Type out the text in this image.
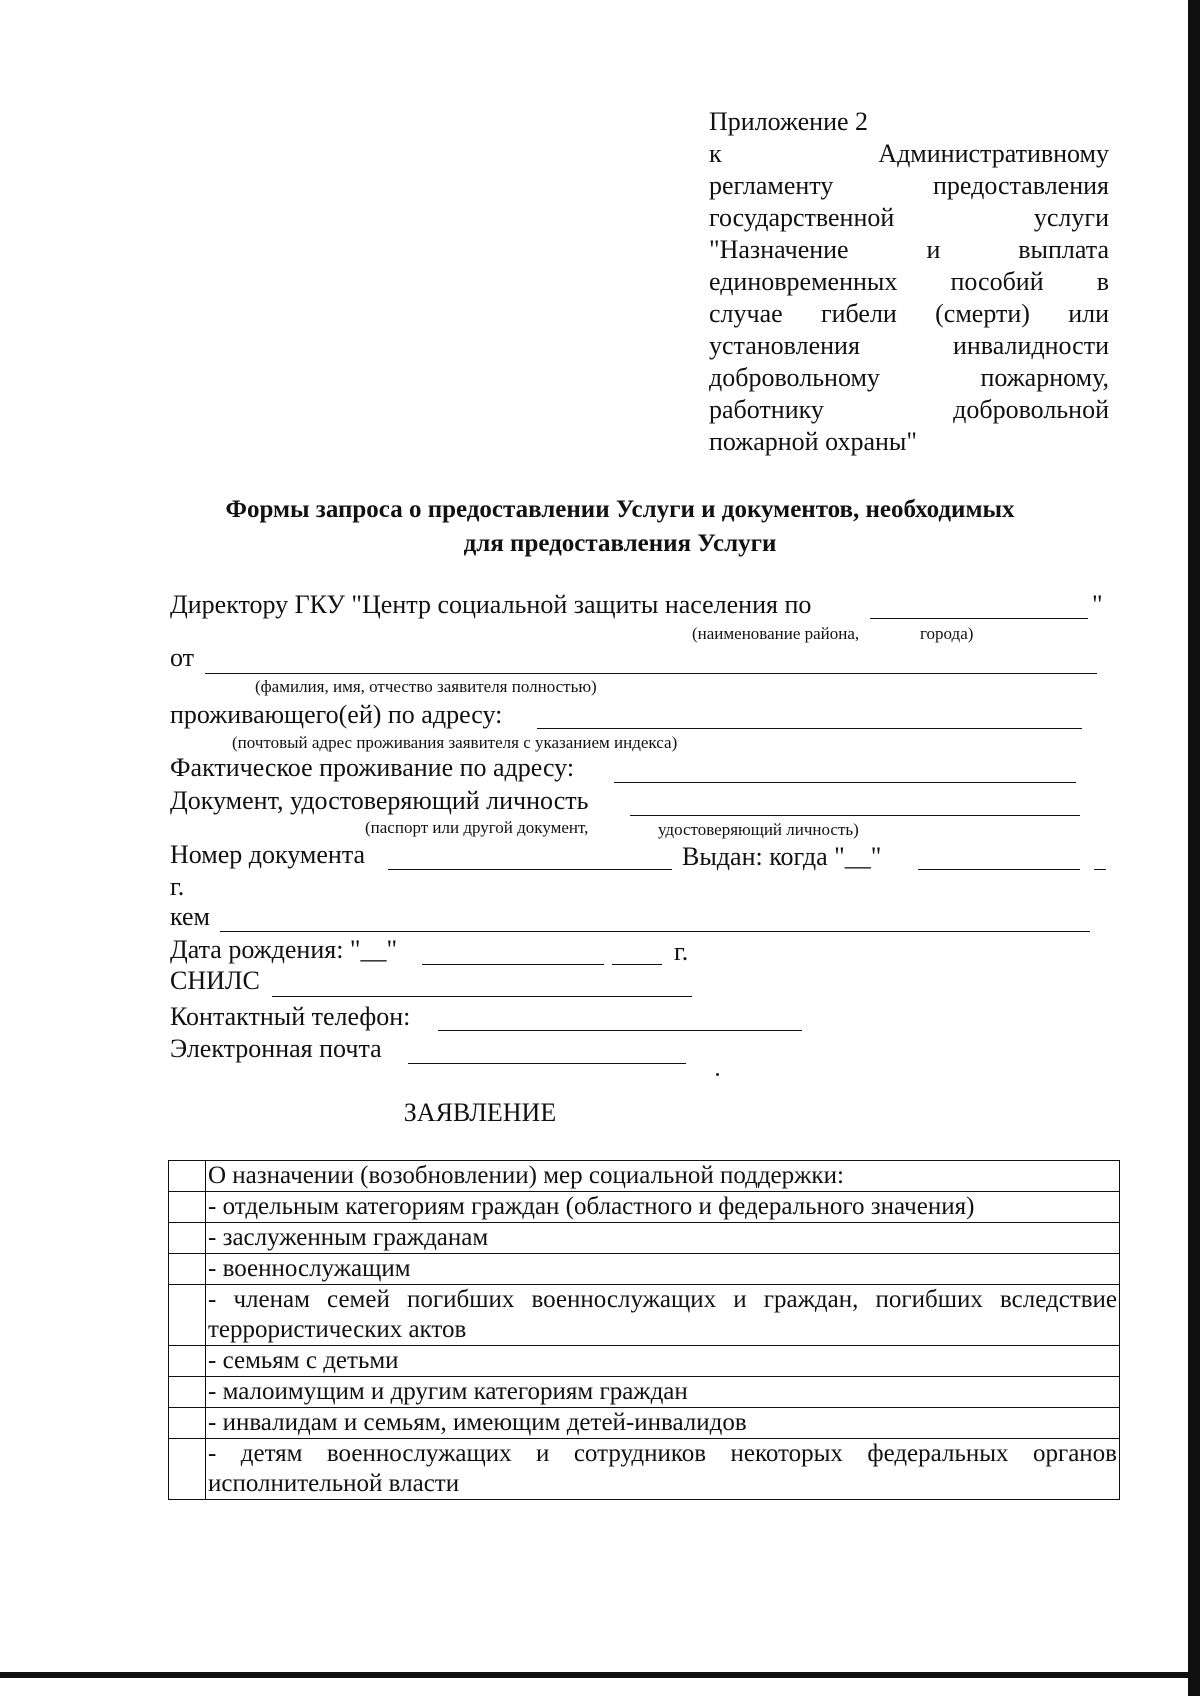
Приложение 2
к Административному
регламенту предоставления
государственной услуги
"Назначение и выплата
единовременных пособий в
случае гибели (смерти) или
установления инвалидности
добровольному пожарному,
работнику добровольной
пожарной охраны"
Формы запроса о предоставлении Услуги и документов, необходимых
для предоставления Услуги
Директору ГКУ "Центр социальной защиты населения по	"
(наименование района,	города)
от
(фамилия, имя, отчество заявителя полностью)
проживающего(ей) по адресу:
(почтовый адрес проживания заявителя с указанием индекса)
Фактическое проживание по адресу:
Документ, удостоверяющий личность
(паспорт или другой документ,	удостоверяющий личность)
Номер документа	Выдан: когда "__"
г.
кем
Дата рождения: "__"	г.
СНИЛС
Контактный телефон:
Электронная почта
ЗАЯВЛЕНИЕ
	О назначении (возобновлении) мер социальной поддержки:
	- отдельным категориям граждан (областного и федерального значения)
	- заслуженным гражданам
	- военнослужащим
	- членам семей погибших военнослужащих и граждан, погибших вследствие террористических актов
	- семьям с детьми
	- малоимущим и другим категориям граждан
	- инвалидам и семьям, имеющим детей-инвалидов
	- детям военнослужащих и сотрудников некоторых федеральных органов исполнительной власти
